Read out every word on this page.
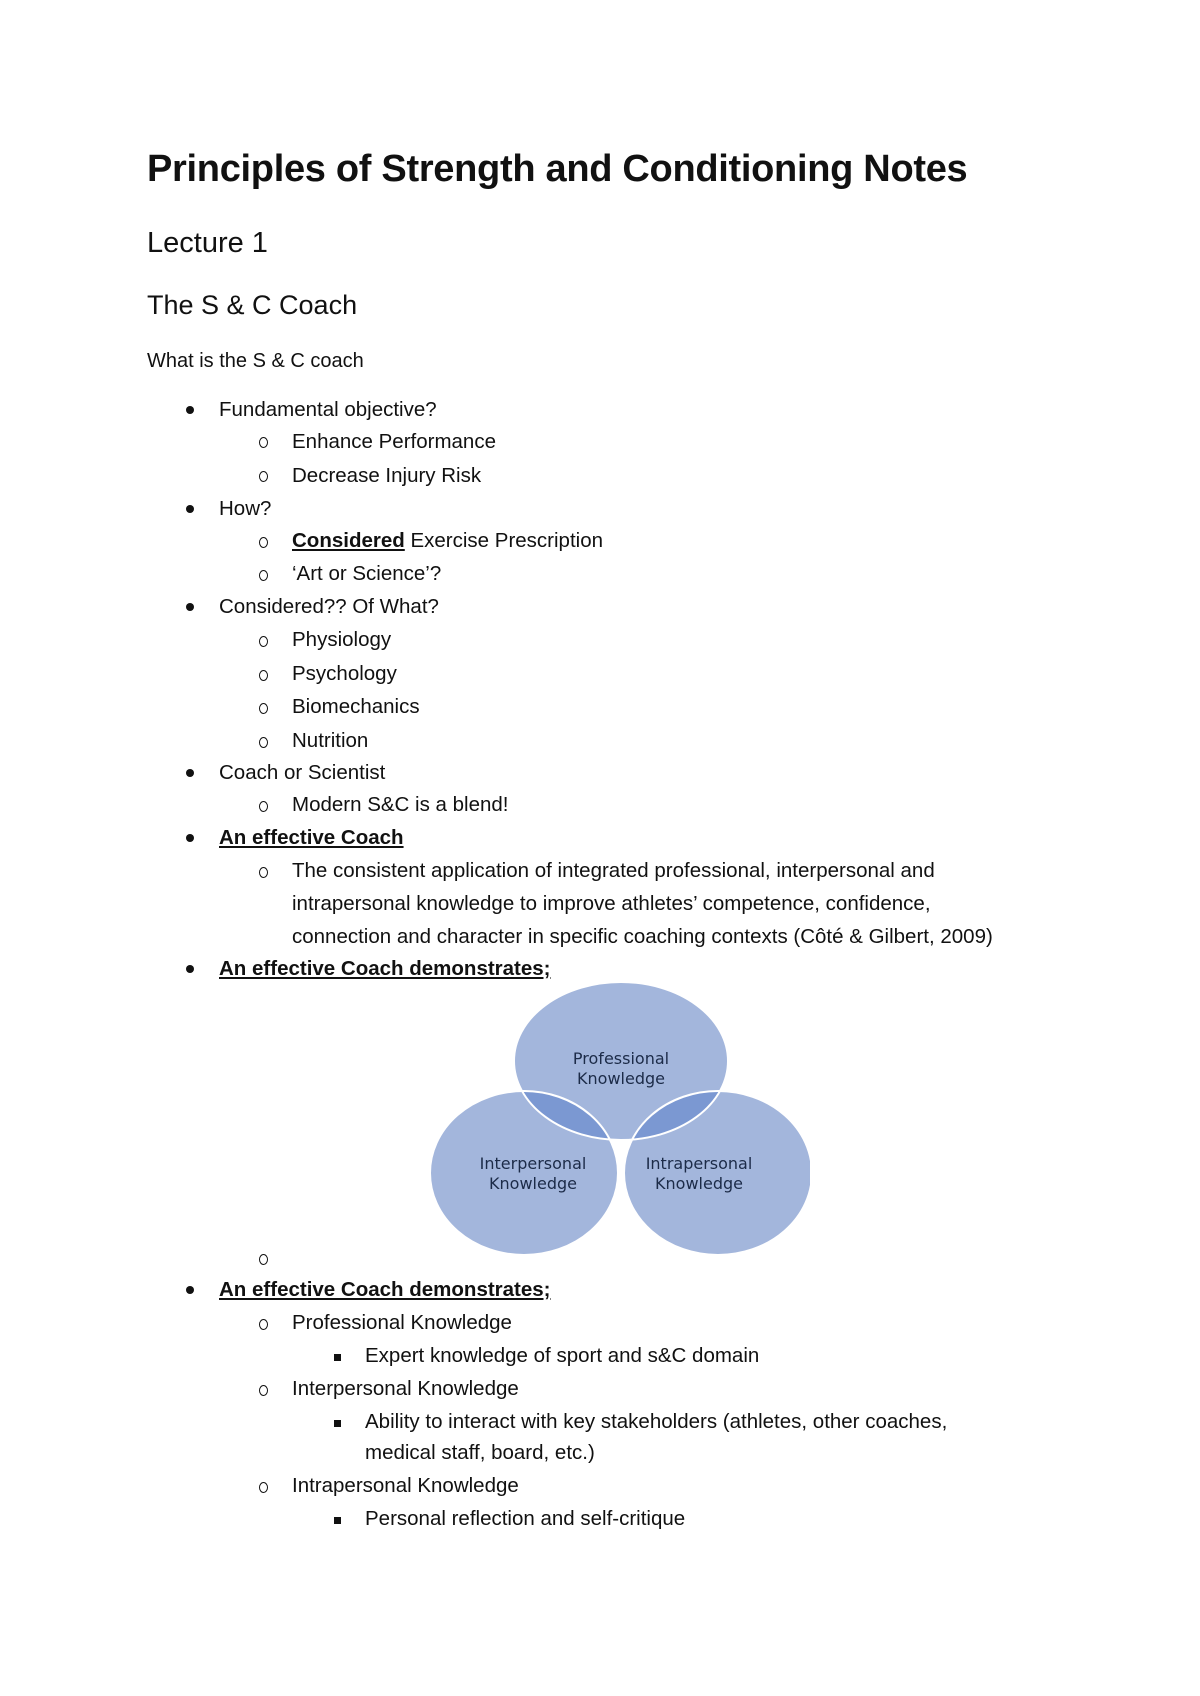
Principles of Strength and Conditioning Notes
Lecture 1
The S & C Coach

What is the S & C coach

Fundamental objective?
Enhance Performance
Decrease Injury Risk
How?
Considered Exercise Prescription
‘Art or Science’?
Considered?? Of What?
Physiology
Psychology
Biomechanics
Nutrition
Coach or Scientist
Modern S&C is a blend!
An effective Coach
The consistent application of integrated professional, interpersonal and
intrapersonal knowledge to improve athletes’ competence, confidence,
connection and character in specific coaching contexts (Côté & Gilbert, 2009)
An effective Coach demonstrates;
Professional
Knowledge
Interpersonal
Knowledge
Intrapersonal
Knowledge
An effective Coach demonstrates;
Professional Knowledge
Expert knowledge of sport and s&C domain
Interpersonal Knowledge
Ability to interact with key stakeholders (athletes, other coaches,
medical staff, board, etc.)
Intrapersonal Knowledge
Personal reflection and self-critique
